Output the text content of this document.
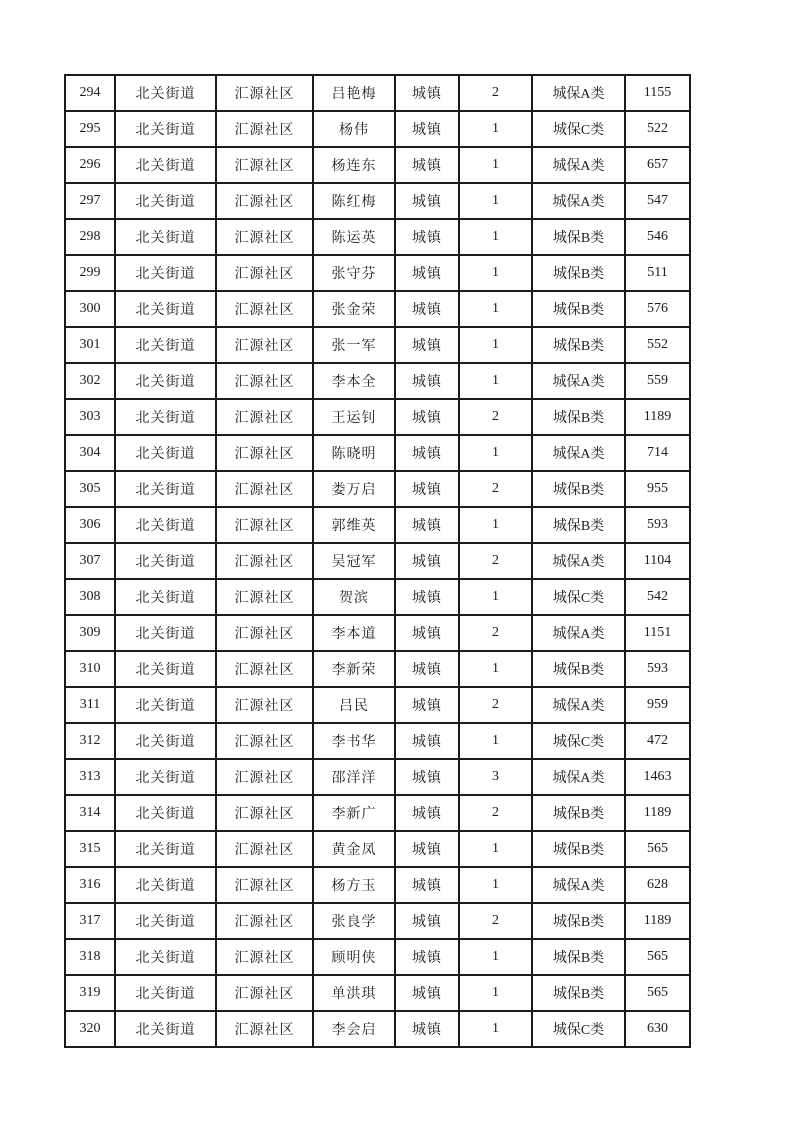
294	北关街道	汇源社区	吕艳梅	城镇	2	城保A类	1155
295	北关街道	汇源社区	杨伟	城镇	1	城保C类	522
296	北关街道	汇源社区	杨连东	城镇	1	城保A类	657
297	北关街道	汇源社区	陈红梅	城镇	1	城保A类	547
298	北关街道	汇源社区	陈运英	城镇	1	城保B类	546
299	北关街道	汇源社区	张守芬	城镇	1	城保B类	511
300	北关街道	汇源社区	张金荣	城镇	1	城保B类	576
301	北关街道	汇源社区	张一军	城镇	1	城保B类	552
302	北关街道	汇源社区	李本全	城镇	1	城保A类	559
303	北关街道	汇源社区	王运钊	城镇	2	城保B类	1189
304	北关街道	汇源社区	陈晓明	城镇	1	城保A类	714
305	北关街道	汇源社区	娄万启	城镇	2	城保B类	955
306	北关街道	汇源社区	郭维英	城镇	1	城保B类	593
307	北关街道	汇源社区	吴冠军	城镇	2	城保A类	1104
308	北关街道	汇源社区	贺滨	城镇	1	城保C类	542
309	北关街道	汇源社区	李本道	城镇	2	城保A类	1151
310	北关街道	汇源社区	李新荣	城镇	1	城保B类	593
311	北关街道	汇源社区	吕民	城镇	2	城保A类	959
312	北关街道	汇源社区	李书华	城镇	1	城保C类	472
313	北关街道	汇源社区	邵洋洋	城镇	3	城保A类	1463
314	北关街道	汇源社区	李新广	城镇	2	城保B类	1189
315	北关街道	汇源社区	黄金凤	城镇	1	城保B类	565
316	北关街道	汇源社区	杨方玉	城镇	1	城保A类	628
317	北关街道	汇源社区	张良学	城镇	2	城保B类	1189
318	北关街道	汇源社区	顾明侠	城镇	1	城保B类	565
319	北关街道	汇源社区	单洪琪	城镇	1	城保B类	565
320	北关街道	汇源社区	李会启	城镇	1	城保C类	630
